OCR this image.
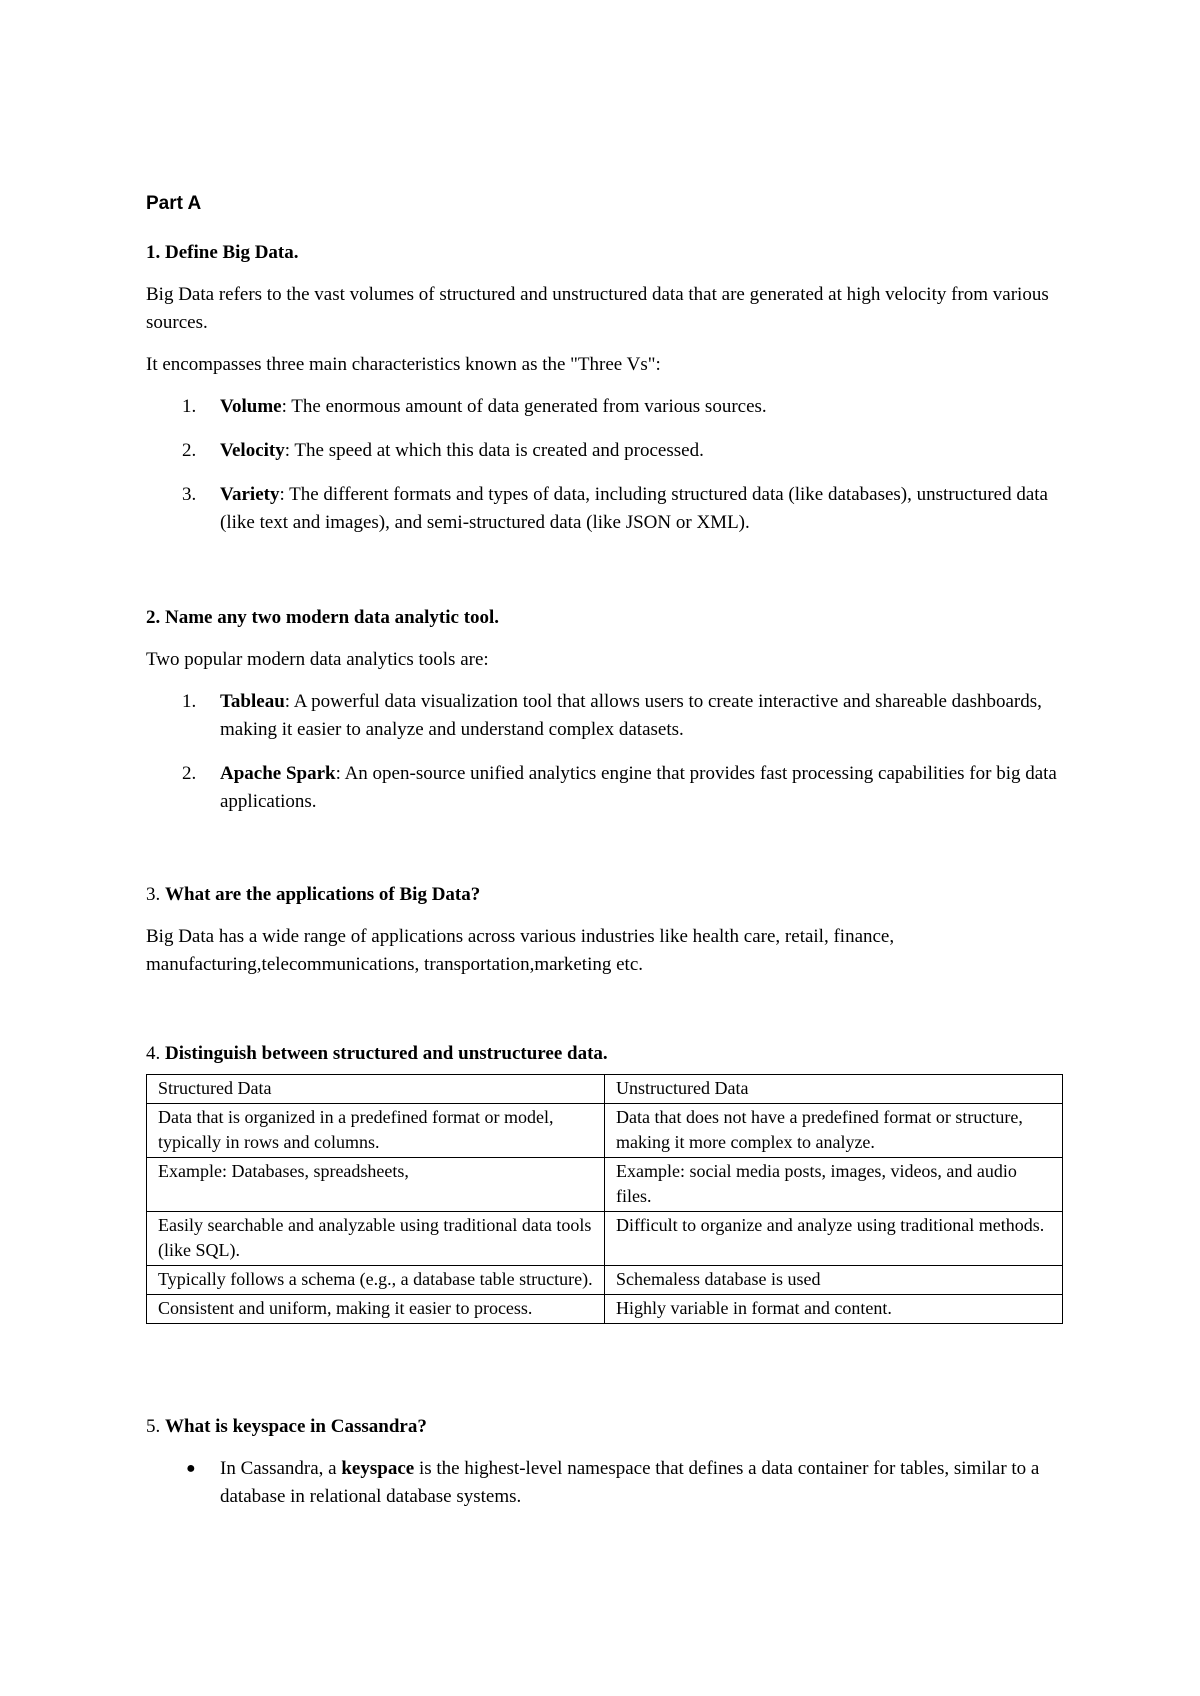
Part A
1. Define Big Data.

Big Data refers to the vast volumes of structured and unstructured data that are generated at high velocity from various sources.

It encompasses three main characteristics known as the "Three Vs":

1. Volume: The enormous amount of data generated from various sources.
2. Velocity: The speed at which this data is created and processed.
3. Variety: The different formats and types of data, including structured data (like databases), unstructured data (like text and images), and semi-structured data (like JSON or XML).
2. Name any two modern data analytic tool.

Two popular modern data analytics tools are:

1. Tableau: A powerful data visualization tool that allows users to create interactive and shareable dashboards, making it easier to analyze and understand complex datasets.
2. Apache Spark: An open-source unified analytics engine that provides fast processing capabilities for big data applications.
3. What are the applications of Big Data?

Big Data has a wide range of applications across various industries like health care, retail, finance, manufacturing,telecommunications, transportation,marketing etc.

4. Distinguish between structured and unstructuree data.
Structured Data	Unstructured Data
Data that is organized in a predefined format or model, typically in rows and columns.	Data that does not have a predefined format or structure, making it more complex to analyze.
Example: Databases, spreadsheets,	Example: social media posts, images, videos, and audio files.
Easily searchable and analyzable using traditional data tools (like SQL).	Difficult to organize and analyze using traditional methods.
Typically follows a schema (e.g., a database table structure).	Schemaless database is used
Consistent and uniform, making it easier to process.	Highly variable in format and content.
5. What is keyspace in Cassandra?
● In Cassandra, a keyspace is the highest-level namespace that defines a data container for tables, similar to a database in relational database systems.
